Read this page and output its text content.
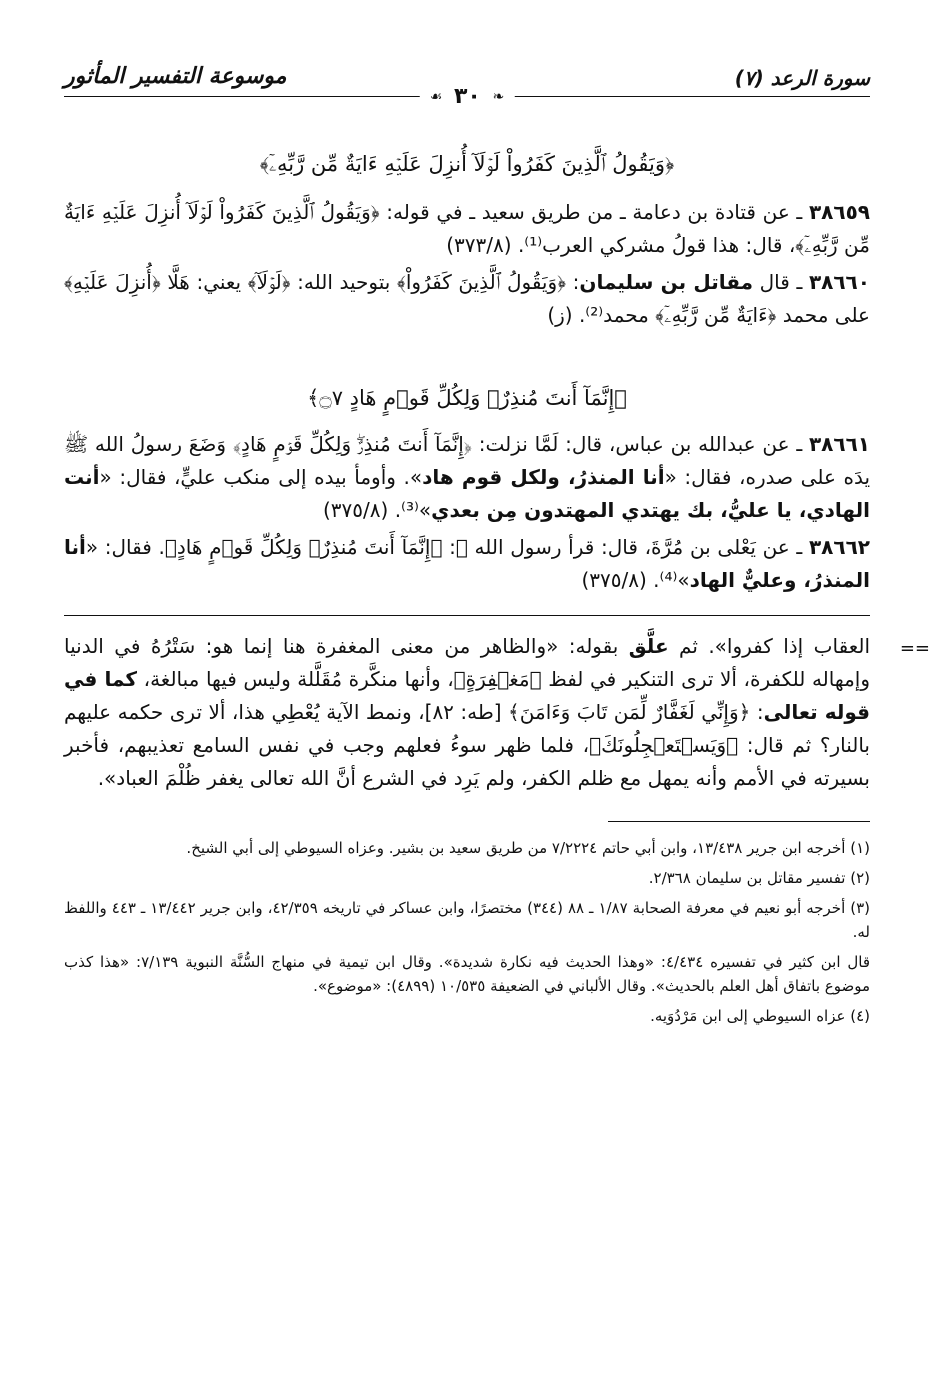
سورة الرعد (٧)
❧ ٣٠ ☙
موسوعة التفسير المأثور

﴿وَيَقُولُ ٱلَّذِينَ كَفَرُواْ لَوۡلَآ أُنزِلَ عَلَيۡهِ ءَايَةٌ مِّن رَّبِّهِۦٓ﴾

٣٨٦٥٩ ـ عن قتادة بن دعامة ـ من طريق سعيد ـ في قوله: ﴿وَيَقُولُ ٱلَّذِينَ كَفَرُواْ لَوۡلَآ أُنزِلَ عَلَيۡهِ ءَايَةٌ مِّن رَّبِّهِۦٓ﴾، قال: هذا قولُ مشركي العرب⁽¹⁾. (٣٧٣/٨)

٣٨٦٦٠ ـ قال مقاتل بن سليمان: ﴿وَيَقُولُ ٱلَّذِينَ كَفَرُواْ﴾ بتوحيد الله: ﴿لَوۡلَآ﴾ يعني: هَلَّا ﴿أُنزِلَ عَلَيۡهِ﴾ على محمد ﴿ءَايَةٌ مِّن رَّبِّهِۦٓ﴾ محمد⁽²⁾. (ز)

﴿إِنَّمَآ أَنتَ مُنذِرٌۖ وَلِكُلِّ قَوۡمٍ هَادٍ ۝٧﴾

٣٨٦٦١ ـ عن عبدالله بن عباس، قال: لَمَّا نزلت: ﴿إِنَّمَآ أَنتَ مُنذِرٌۖ وَلِكُلِّ قَوۡمٍ هَادٍ﴾ وَضَعَ رسولُ الله ﷺ يدَه على صدره، فقال: «أنا المنذرُ، ولكل قوم هاد». وأومأ بيده إلى منكب عليٍّ، فقال: «أنت الهادي، يا عليُّ، بك يهتدي المهتدون مِن بعدي»⁽³⁾. (٣٧٥/٨)

٣٨٦٦٢ ـ عن يَعْلى بن مُرَّةَ، قال: قرأ رسول الله ﷺ: ﴿إِنَّمَآ أَنتَ مُنذِرٌۖ وَلِكُلِّ قَوۡمٍ هَادٍ﴾. فقال: «أنا المنذرُ، وعليٌّ الهاد»⁽⁴⁾. (٣٧٥/٨)

==
العقاب إذا كفروا». ثم علَّق بقوله: «والظاهر من معنى المغفرة هنا إنما هو: سَتْرُهُ في الدنيا وإمهاله للكفرة، ألا ترى التنكير في لفظ ﴿مَغۡفِرَةٍ﴾، وأنها منكَّرة مُقَلَّلة وليس فيها مبالغة، كما في قوله تعالى: ﴿وَإِنِّي لَغَفَّارٌ لِّمَن تَابَ وَءَامَنَ﴾ [طه: ٨٢]، ونمط الآية يُعْطِي هذا، ألا ترى حكمه عليهم بالنار؟ ثم قال: ﴿وَيَسۡتَعۡجِلُونَكَ﴾، فلما ظهر سوءُ فعلهم وجب في نفس السامع تعذيبهم، فأخبر بسيرته في الأمم وأنه يمهل مع ظلم الكفر، ولم يَرِد في الشرع أنَّ الله تعالى يغفر ظُلْمَ العباد».

(١) أخرجه ابن جرير ١٣/٤٣٨، وابن أبي حاتم ٧/٢٢٢٤ من طريق سعيد بن بشير. وعزاه السيوطي إلى أبي الشيخ.

(٢) تفسير مقاتل بن سليمان ٢/٣٦٨.

(٣) أخرجه أبو نعيم في معرفة الصحابة ١/٨٧ ـ ٨٨ (٣٤٤) مختصرًا، وابن عساكر في تاريخه ٤٢/٣٥٩، وابن جرير ١٣/٤٤٢ ـ ٤٤٣ واللفظ له.

قال ابن كثير في تفسيره ٤/٤٣٤: «وهذا الحديث فيه نكارة شديدة». وقال ابن تيمية في منهاج السُّنَّة النبوية ٧/١٣٩: «هذا كذب موضوع باتفاق أهل العلم بالحديث». وقال الألباني في الضعيفة ١٠/٥٣٥ (٤٨٩٩): «موضوع».

(٤) عزاه السيوطي إلى ابن مَرْدُوَيه.
